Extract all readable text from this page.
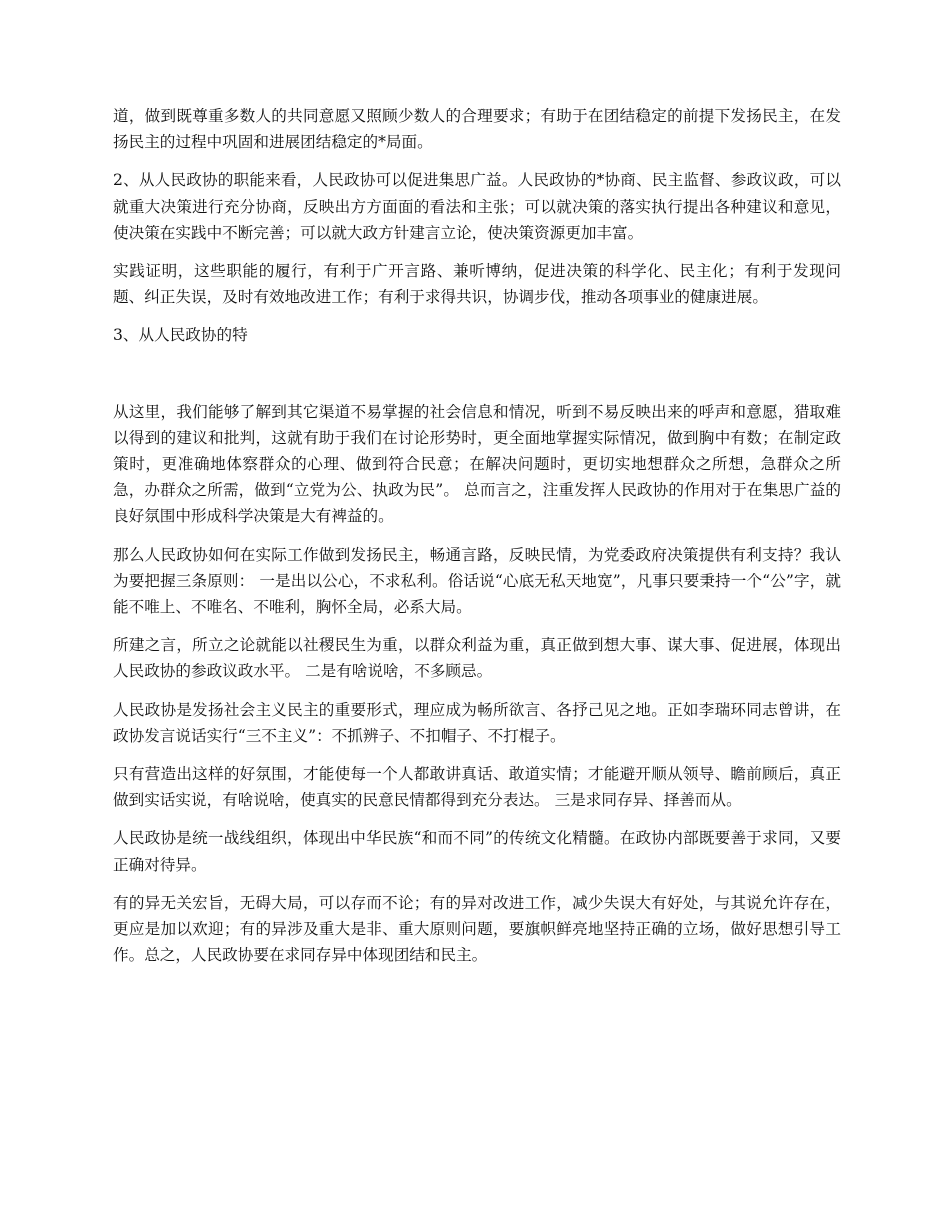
道，做到既尊重多数人的共同意愿又照顾少数人的合理要求；有助于在团结稳定的前提下发扬民主，在发扬民主的过程中巩固和进展团结稳定的*局面。

2、从人民政协的职能来看，人民政协可以促进集思广益。人民政协的*协商、民主监督、参政议政，可以就重大决策进行充分协商，反映出方方面面的看法和主张；可以就决策的落实执行提出各种建议和意见，使决策在实践中不断完善；可以就大政方针建言立论，使决策资源更加丰富。

实践证明，这些职能的履行，有利于广开言路、兼听博纳，促进决策的科学化、民主化；有利于发现问题、纠正失误，及时有效地改进工作；有利于求得共识，协调步伐，推动各项事业的健康进展。

3、从人民政协的特

从这里，我们能够了解到其它渠道不易掌握的社会信息和情况，听到不易反映出来的呼声和意愿，猎取难以得到的建议和批判，这就有助于我们在讨论形势时，更全面地掌握实际情况，做到胸中有数；在制定政策时，更准确地体察群众的心理、做到符合民意；在解决问题时，更切实地想群众之所想，急群众之所急，办群众之所需，做到“立党为公、执政为民”。 总而言之，注重发挥人民政协的作用对于在集思广益的良好氛围中形成科学决策是大有裨益的。

那么人民政协如何在实际工作做到发扬民主，畅通言路，反映民情，为党委政府决策提供有利支持？我认为要把握三条原则： 一是出以公心，不求私利。俗话说“心底无私天地宽”，凡事只要秉持一个“公”字，就能不唯上、不唯名、不唯利，胸怀全局，必系大局。

所建之言，所立之论就能以社稷民生为重，以群众利益为重，真正做到想大事、谋大事、促进展，体现出人民政协的参政议政水平。 二是有啥说啥，不多顾忌。

人民政协是发扬社会主义民主的重要形式，理应成为畅所欲言、各抒己见之地。正如李瑞环同志曾讲，在政协发言说话实行“三不主义”：不抓辨子、不扣帽子、不打棍子。

只有营造出这样的好氛围，才能使每一个人都敢讲真话、敢道实情；才能避开顺从领导、瞻前顾后，真正做到实话实说，有啥说啥，使真实的民意民情都得到充分表达。 三是求同存异、择善而从。

人民政协是统一战线组织，体现出中华民族“和而不同”的传统文化精髓。在政协内部既要善于求同，又要正确对待异。

有的异无关宏旨，无碍大局，可以存而不论；有的异对改进工作，减少失误大有好处，与其说允许存在，更应是加以欢迎；有的异涉及重大是非、重大原则问题，要旗帜鲜亮地坚持正确的立场，做好思想引导工作。总之，人民政协要在求同存异中体现团结和民主。
